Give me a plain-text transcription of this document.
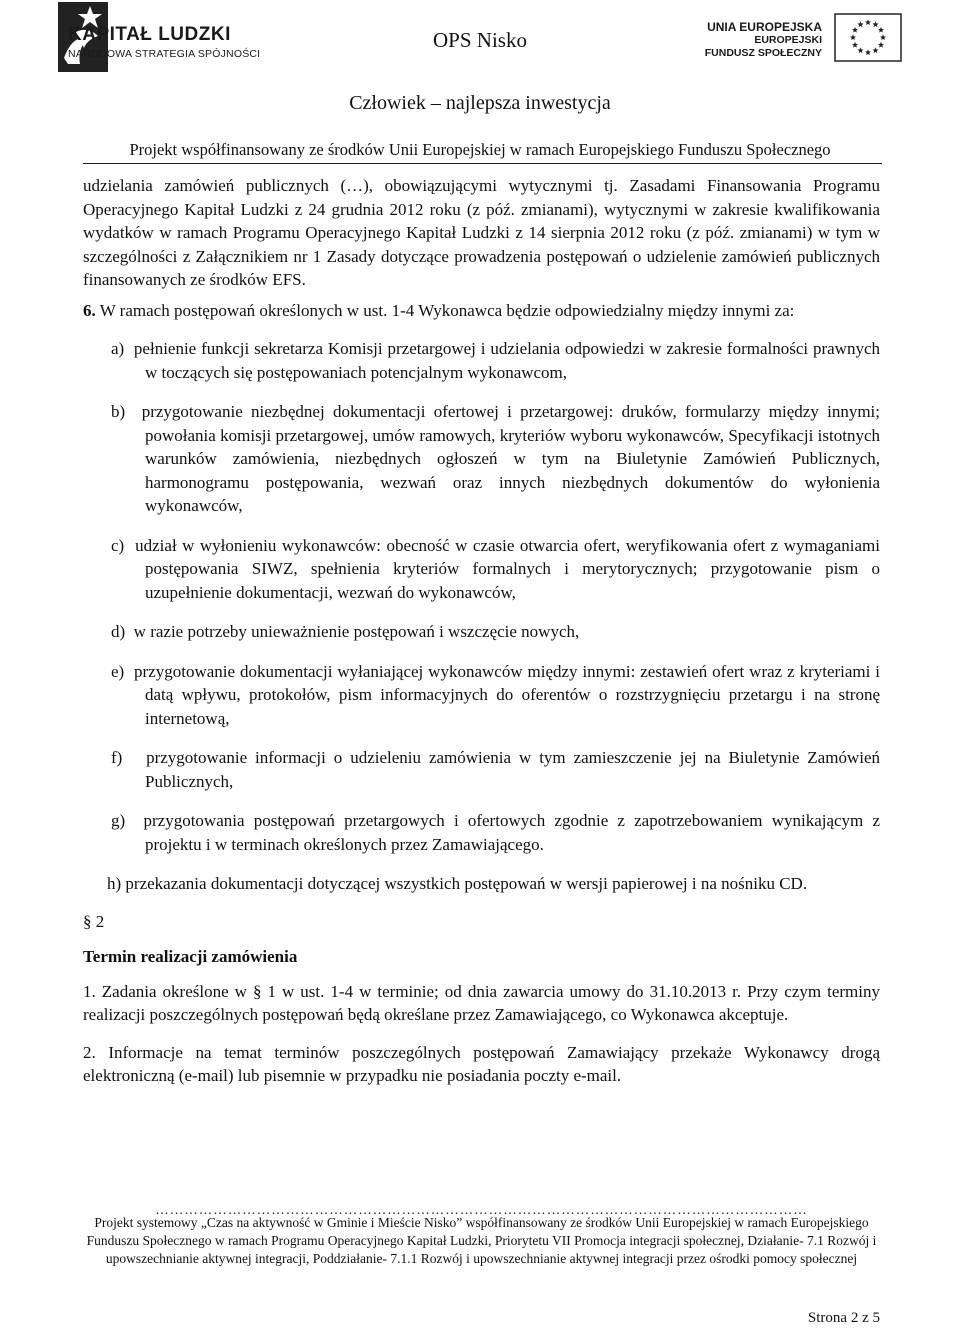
KAPITAŁ LUDZKI
NARODOWA STRATEGIA SPÓJNOŚCI
OPS Nisko
UNIA EUROPEJSKA
EUROPEJSKI
FUNDUSZ SPOŁECZNY
Człowiek – najlepsza inwestycja
Projekt współfinansowany ze środków Unii Europejskiej w ramach Europejskiego Funduszu Społecznego

udzielania zamówień publicznych (…), obowiązującymi wytycznymi tj. Zasadami Finansowania Programu Operacyjnego Kapitał Ludzki z 24 grudnia 2012 roku (z póź. zmianami), wytycznymi w zakresie kwalifikowania wydatków w ramach Programu Operacyjnego Kapitał Ludzki z 14 sierpnia 2012 roku (z póź. zmianami) w tym w szczególności z Załącznikiem nr 1 Zasady dotyczące prowadzenia postępowań o udzielenie zamówień publicznych finansowanych ze środków EFS.

6. W ramach postępowań określonych w ust. 1-4 Wykonawca będzie odpowiedzialny między innymi za:

a)  pełnienie funkcji sekretarza Komisji przetargowej i udzielania odpowiedzi w zakresie formalności prawnych w toczących się postępowaniach potencjalnym wykonawcom,

b)  przygotowanie niezbędnej dokumentacji ofertowej i przetargowej: druków, formularzy między innymi; powołania komisji przetargowej, umów ramowych, kryteriów wyboru wykonawców, Specyfikacji istotnych warunków zamówienia, niezbędnych ogłoszeń w tym na Biuletynie Zamówień Publicznych, harmonogramu postępowania, wezwań oraz innych niezbędnych dokumentów do wyłonienia wykonawców,

c)  udział w wyłonieniu wykonawców: obecność w czasie otwarcia ofert, weryfikowania ofert z wymaganiami postępowania SIWZ, spełnienia kryteriów formalnych i merytorycznych; przygotowanie pism o uzupełnienie dokumentacji, wezwań do wykonawców,

d)  w razie potrzeby unieważnienie postępowań i wszczęcie nowych,

e)  przygotowanie dokumentacji wyłaniającej wykonawców między innymi: zestawień ofert wraz z kryteriami i datą wpływu, protokołów, pism informacyjnych do oferentów o rozstrzygnięciu przetargu i na stronę internetową,

f)   przygotowanie informacji o udzieleniu zamówienia w tym zamieszczenie jej na Biuletynie Zamówień Publicznych,

g)  przygotowania postępowań przetargowych i ofertowych zgodnie z zapotrzebowaniem wynikającym z projektu i w terminach określonych przez Zamawiającego.

h) przekazania dokumentacji dotyczącej wszystkich postępowań w wersji papierowej i na nośniku CD.

§ 2

Termin realizacji zamówienia

1. Zadania określone w § 1 w ust. 1-4 w terminie; od dnia zawarcia umowy do 31.10.2013 r. Przy czym terminy realizacji poszczególnych postępowań będą określane przez Zamawiającego, co Wykonawca akceptuje.

2. Informacje na temat terminów poszczególnych postępowań Zamawiający przekaże Wykonawcy drogą elektroniczną (e-mail) lub pisemnie w przypadku nie posiadania poczty e-mail.

………………………………………………………………………………………………………………………
Projekt systemowy „Czas na aktywność w Gminie i Mieście Nisko” współfinansowany ze środków Unii Europejskiej w ramach Europejskiego Funduszu Społecznego w ramach Programu Operacyjnego Kapitał Ludzki, Priorytetu VII Promocja integracji społecznej, Działanie- 7.1 Rozwój i upowszechnianie aktywnej integracji, Poddziałanie- 7.1.1 Rozwój i upowszechnianie aktywnej integracji przez ośrodki pomocy społecznej
Strona 2 z 5
